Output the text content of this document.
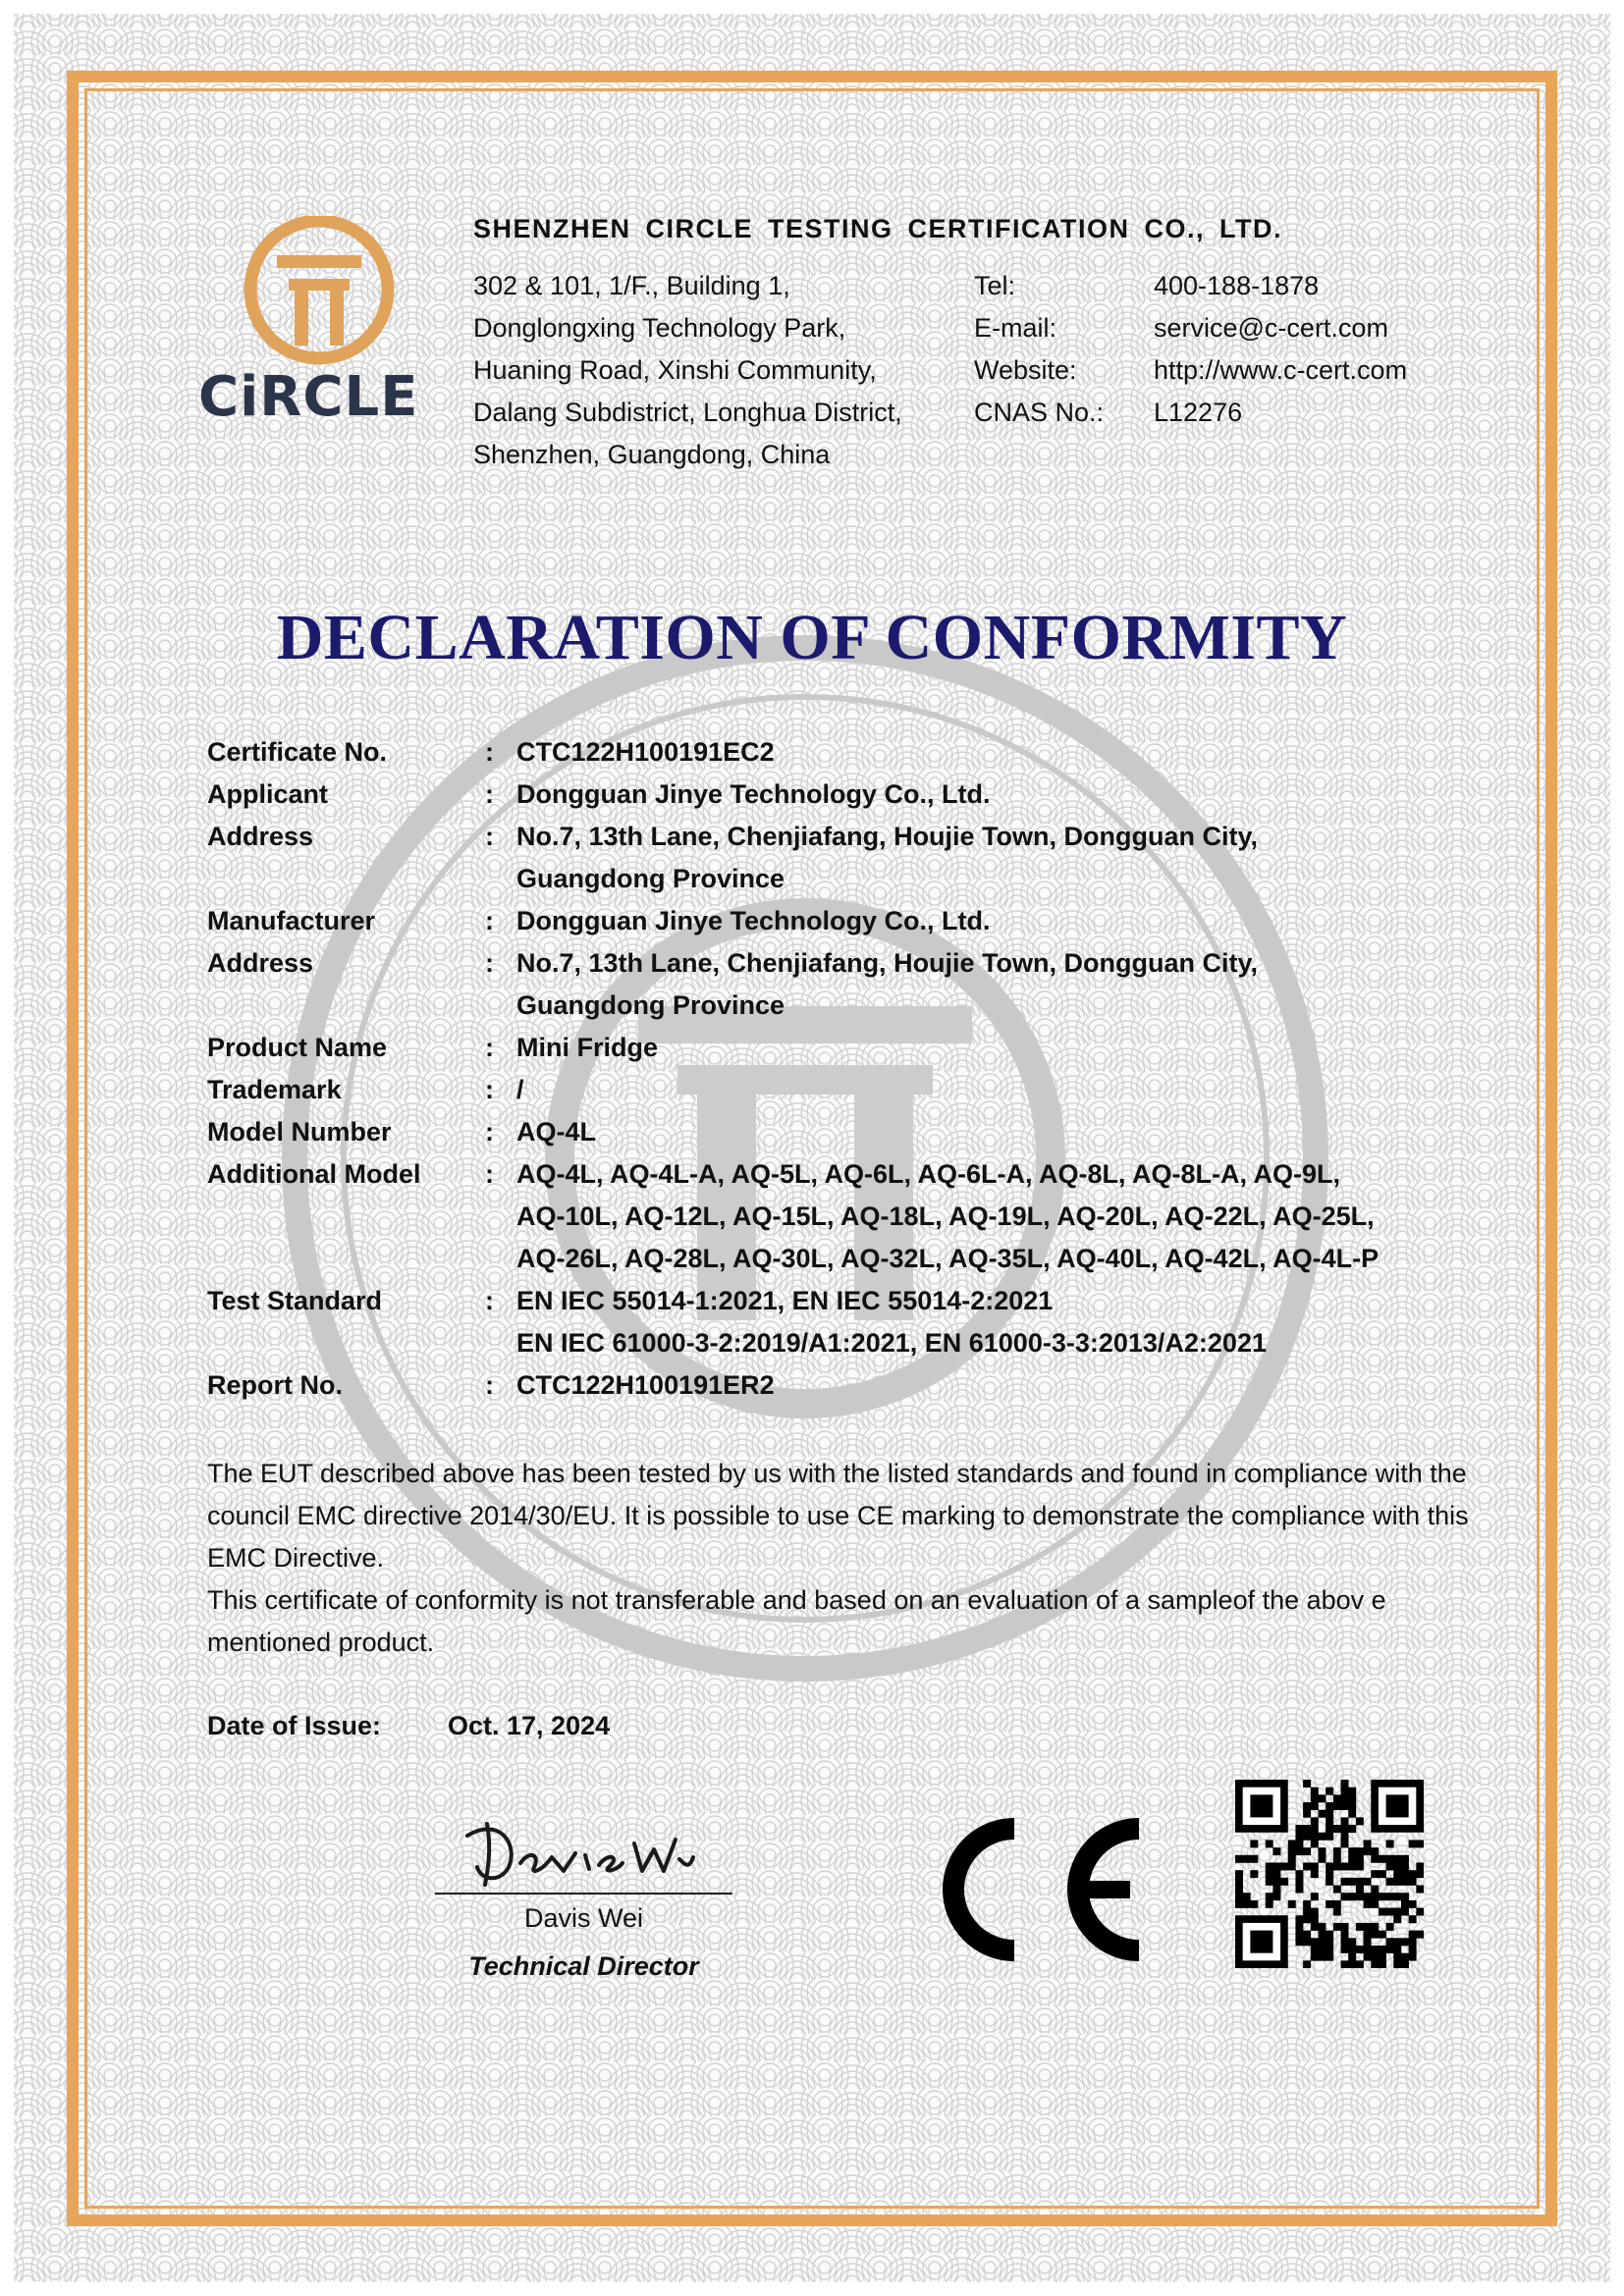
CiRCLE
SHENZHEN CIRCLE TESTING CERTIFICATION CO., LTD.
302 & 101, 1/F., Building 1,
Donglongxing Technology Park,
Huaning Road, Xinshi Community,
Dalang Subdistrict, Longhua District,
Shenzhen, Guangdong, China
Tel:	400-188-1878
E-mail:	service@c-cert.com
Website:	http://www.c-cert.com
CNAS No.:	L12276
DECLARATION OF CONFORMITY
Certificate No.	: CTC122H100191EC2
Applicant	: Dongguan Jinye Technology Co., Ltd.
Address	: No.7, 13th Lane, Chenjiafang, Houjie Town, Dongguan City,
Guangdong Province
Manufacturer	: Dongguan Jinye Technology Co., Ltd.
Address	: No.7, 13th Lane, Chenjiafang, Houjie Town, Dongguan City,
Guangdong Province
Product Name	: Mini Fridge
Trademark	: /
Model Number	: AQ-4L
Additional Model	: AQ-4L, AQ-4L-A, AQ-5L, AQ-6L, AQ-6L-A, AQ-8L, AQ-8L-A, AQ-9L,
AQ-10L, AQ-12L, AQ-15L, AQ-18L, AQ-19L, AQ-20L, AQ-22L, AQ-25L,
AQ-26L, AQ-28L, AQ-30L, AQ-32L, AQ-35L, AQ-40L, AQ-42L, AQ-4L-P
Test Standard	: EN IEC 55014-1:2021, EN IEC 55014-2:2021
EN IEC 61000-3-2:2019/A1:2021, EN 61000-3-3:2013/A2:2021
Report No.	: CTC122H100191ER2

The EUT described above has been tested by us with the listed standards and found in compliance with the council EMC directive 2014/30/EU. It is possible to use CE marking to demonstrate the compliance with this EMC Directive.

This certificate of conformity is not transferable and based on an evaluation of a sampleof the abov e mentioned product.

Date of Issue:	Oct. 17, 2024
Davis Wei
Technical Director
